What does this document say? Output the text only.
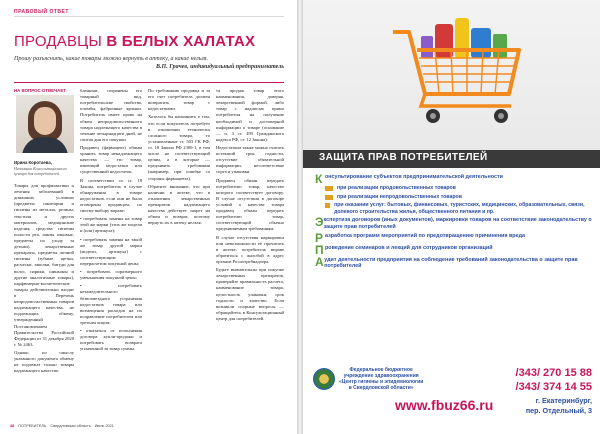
ПРАВОВЫЙ ОТВЕТ
ПРОДАВЦЫ В БЕЛЫХ ХАЛАТАХ
Прошу разъяснить, какие товары можно вернуть в аптеку, а какие нельзя.
В.П. Грачев, индивидуальный предприниматель
НА ВОПРОС ОТВЕЧАЕТ
Ирина Коротаева,
Начальник Консультационного центра для потребителей

Товары для профилактики и лечения заболеваний в домашних условиях (предметы санитарии и гигиены из металла, резины, текстиля и других материалов, медицинские изделия, средства гигиены полости рта, линзы очковые, предметы по уходу за детьми), лекарственные препараты, предметы личной гигиены (зубные щетки, расчески, заколки, бигуди для волос, парики, шиньоны и другие аналогичные товары), парфюмерно-косметические товары действительно входят в Перечень непродовольственных товаров надлежащего качества, не подлежащих обмену, утвержденный Постановлением Правительства Российской Федерации от 31 декабря 2020 г. № 2463.

Однако, по смыслу указанного документа обмену не подлежат только товары надлежащего качества.

бленным, сохранены его товарный вид, потребительские свойства, пломбы, фабричные ярлыки. Потребитель имеет право на обмен непродовольственного товара надлежащего качества в течение четырнадцати дней, не считая дня его покупки.

Продавец (фармацевт) обязан хранить товар ненадлежащего качества — это товар, имеющий недостатки или существенный недостаток.

В соответствии со ст. 18 Закона, потребитель в случае обнаружения в товаре недостатков, если они не были оговорены продавцом, по своему выбору вправе:

• потребовать замены на товар этой же марки (этих же модели и (или) артикула);

• потребовать замены на такой же товар другой марки (модели, артикула) с соответствующим перерасчетом покупной цены;

• потребовать соразмерного уменьшения покупной цены;

• потребовать незамедлительного безвозмездного устранения недостатков товара или возмещения расходов на их исправление потребителем или третьим лицом;

• отказаться от исполнения договора купли-продажи и потребовать возврата уплаченной за товар суммы.

По требованию продавца и за его счет потребитель должен возвратить товар с недостатками.

Хотелось бы напомнить о том, что если покупатель потребует в отношении технически сложного товара, то установленные ст. 503 ГК РФ, ст. 18 Закона РФ 2300-1, в том числе не соответствующий целям, а в которые — предъявить требования (например, при ошибке со стороны фармацевта).

Обратите внимание, что при наличии в аптеке, что в отношении лекарственных препаратов надлежащего качества действует запрет на обмен и возврат, поэтому вернуть их в аптеку нельзя.

та продаж товар этого наименования, доверяя, лекарственной формой, либо товар с надписью прямо потребителя на получение необходимой и достоверной информации о товаре (основание — п. 3 ст. 495 Гражданского кодекса РФ, ст. 12 Закона).

Недостатком также можно считать истекший срок годности, отсутствие обязательной информации, несоответствие сорта и упаковки.

Продавец обязан передать потребителю товар, качество которого соответствует договору. В случае отсутствия в договоре условий о качестве товара продавец обязан передать потребителю товар, соответствующий обычно предъявляемым требованиям.

В случае отсутствия маркировки или невозможности её прочитать в аптеке, потребитель вправе обратиться с жалобой в адрес органов Роспотребнадзора.

Будьте внимательны при покупке лекарственных препаратов, проверяйте правильность расчета, наименование товара, целостность упаковки, срок годности и качество. Если возникли спорные вопросы — обращайтесь в Консультационный центр для потребителей.

38 ПОТРЕБИТЕЛЬ Свердловская область Июль 2021
ЗАЩИТА ПРАВ ПОТРЕБИТЕЛЕЙ
К онсультирование субъектов предпринимательской деятельности
при реализации продовольственных товаров
при реализации непродовольственных товаров
при оказании услуг: бытовых, финансовых, туристских, медицинских, образовательных, связи, долевого строительства жилья, общественного питания и пр.
Э кспертиза договоров (иных документов), маркировки товаров на соответствие законодательству о защите прав потребителей
Р азработка программ мероприятий по предотвращению причинения вреда
П роведение семинаров и лекций для сотрудников организаций
А удит деятельности предприятия на соблюдение требований законодательства о защите прав потребителей
Федеральное бюджетное
учреждение здравоохранения
«Центр гигиены и эпидемиологии
в Свердловской области»
/343/ 270 15 88
/343/ 374 14 55
www.fbuz66.ru	г. Екатеринбург,
пер. Отдельный, 3
